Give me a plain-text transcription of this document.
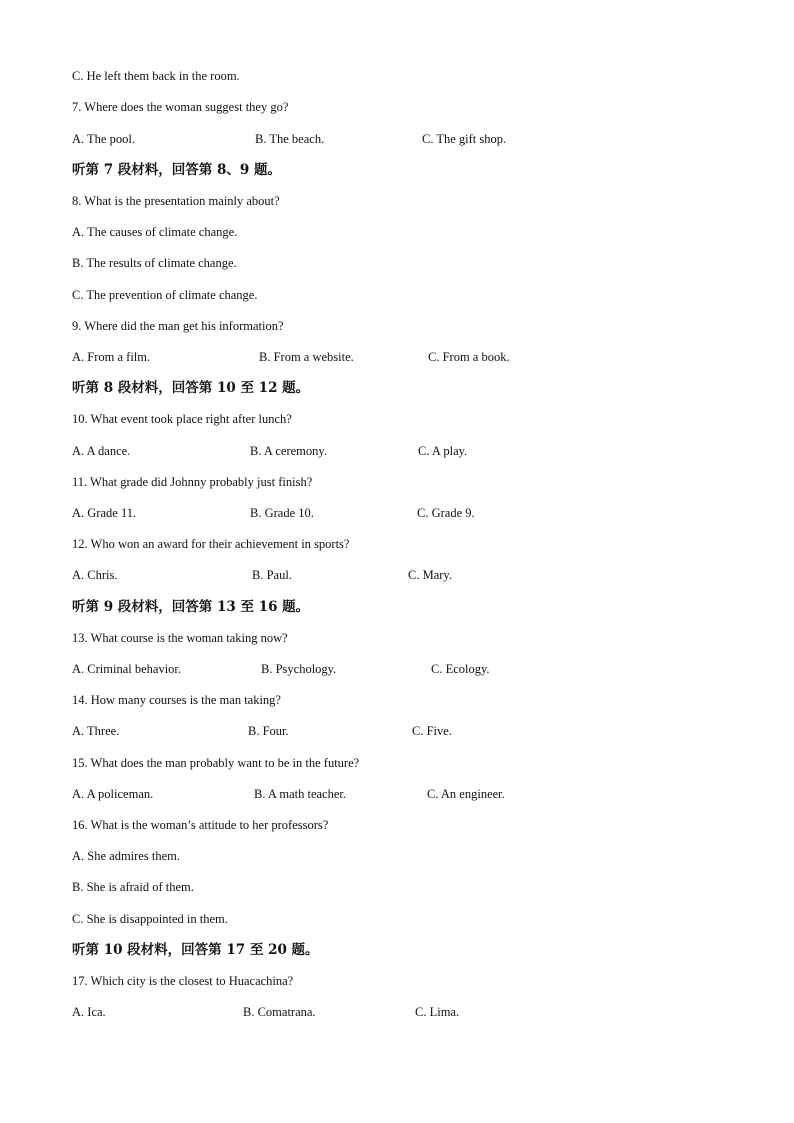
C. He left them back in the room.
7. Where does the woman suggest they go?
A. The pool.	B. The beach.	C. The gift shop.
听第 7 段材料，回答第 8、9 题。
8. What is the presentation mainly about?
A. The causes of climate change.
B. The results of climate change.
C. The prevention of climate change.
9. Where did the man get his information?
A. From a film.	B. From a website.	C. From a book.
听第 8 段材料，回答第 10 至 12 题。
10. What event took place right after lunch?
A. A dance.	B. A ceremony.	C. A play.
11. What grade did Johnny probably just finish?
A. Grade 11.	B. Grade 10.	C. Grade 9.
12. Who won an award for their achievement in sports?
A. Chris.	B. Paul.	C. Mary.
听第 9 段材料，回答第 13 至 16 题。
13. What course is the woman taking now?
A. Criminal behavior.	B. Psychology.	C. Ecology.
14. How many courses is the man taking?
A. Three.	B. Four.	C. Five.
15. What does the man probably want to be in the future?
A. A policeman.	B. A math teacher.	C. An engineer.
16. What is the woman’s attitude to her professors?
A. She admires them.
B. She is afraid of them.
C. She is disappointed in them.
听第 10 段材料，回答第 17 至 20 题。
17. Which city is the closest to Huacachina?
A. Ica.	B. Comatrana.	C. Lima.
